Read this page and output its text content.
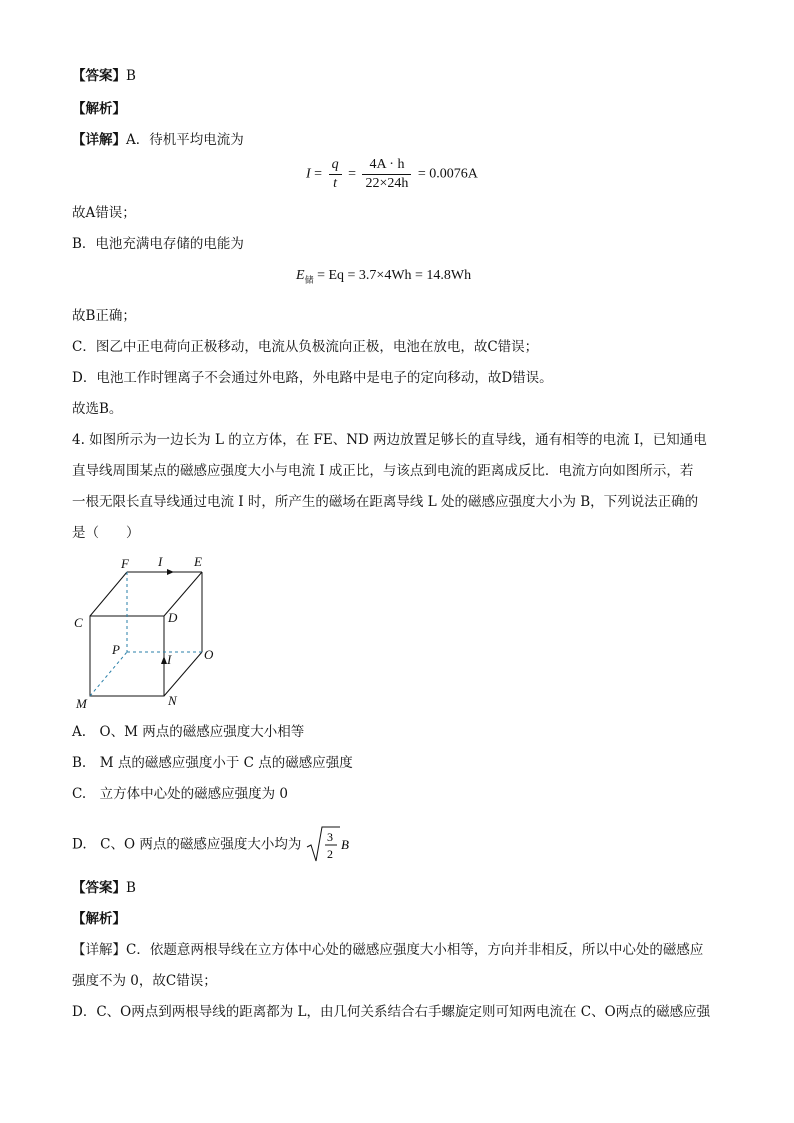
【答案】B
【解析】
【详解】A．待机平均电流为
$I = \frac{q}{t} = \frac{4A \cdot h}{22\times 24h} = 0.0076A$
故A错误；
B．电池充满电存储的电能为
$E_储 = Eq = 3.7\times 4Wh = 14.8Wh$
故B正确；
C．图乙中正电荷向正极移动，电流从负极流向正极，电池在放电，故C错误；
D．电池工作时锂离子不会通过外电路，外电路中是电子的定向移动，故D错误。
故选B。
4. 如图所示为一边长为 L 的立方体，在 FE、ND 两边放置足够长的直导线，通有相等的电流 I，已知通电
直导线周围某点的磁感应强度大小与电流 I 成正比，与该点到电流的距离成反比．电流方向如图所示，若
一根无限长直导线通过电流 I 时，所产生的磁场在距离导线 L 处的磁感应强度大小为 B，下列说法正确的
是（　　）
F I E
C	D
P
I	O
M	N
A.　O、M 两点的磁感应强度大小相等
B.　M 点的磁感应强度小于 C 点的磁感应强度
C.　立方体中心处的磁感应强度为 0
D.　C、O 两点的磁感应强度大小均为 3
2
B
【答案】B
【解析】
【详解】C．依题意两根导线在立方体中心处的磁感应强度大小相等，方向并非相反，所以中心处的磁感应
强度不为 0，故C错误；
D．C、O两点到两根导线的距离都为 L，由几何关系结合右手螺旋定则可知两电流在 C、O两点的磁感应强
